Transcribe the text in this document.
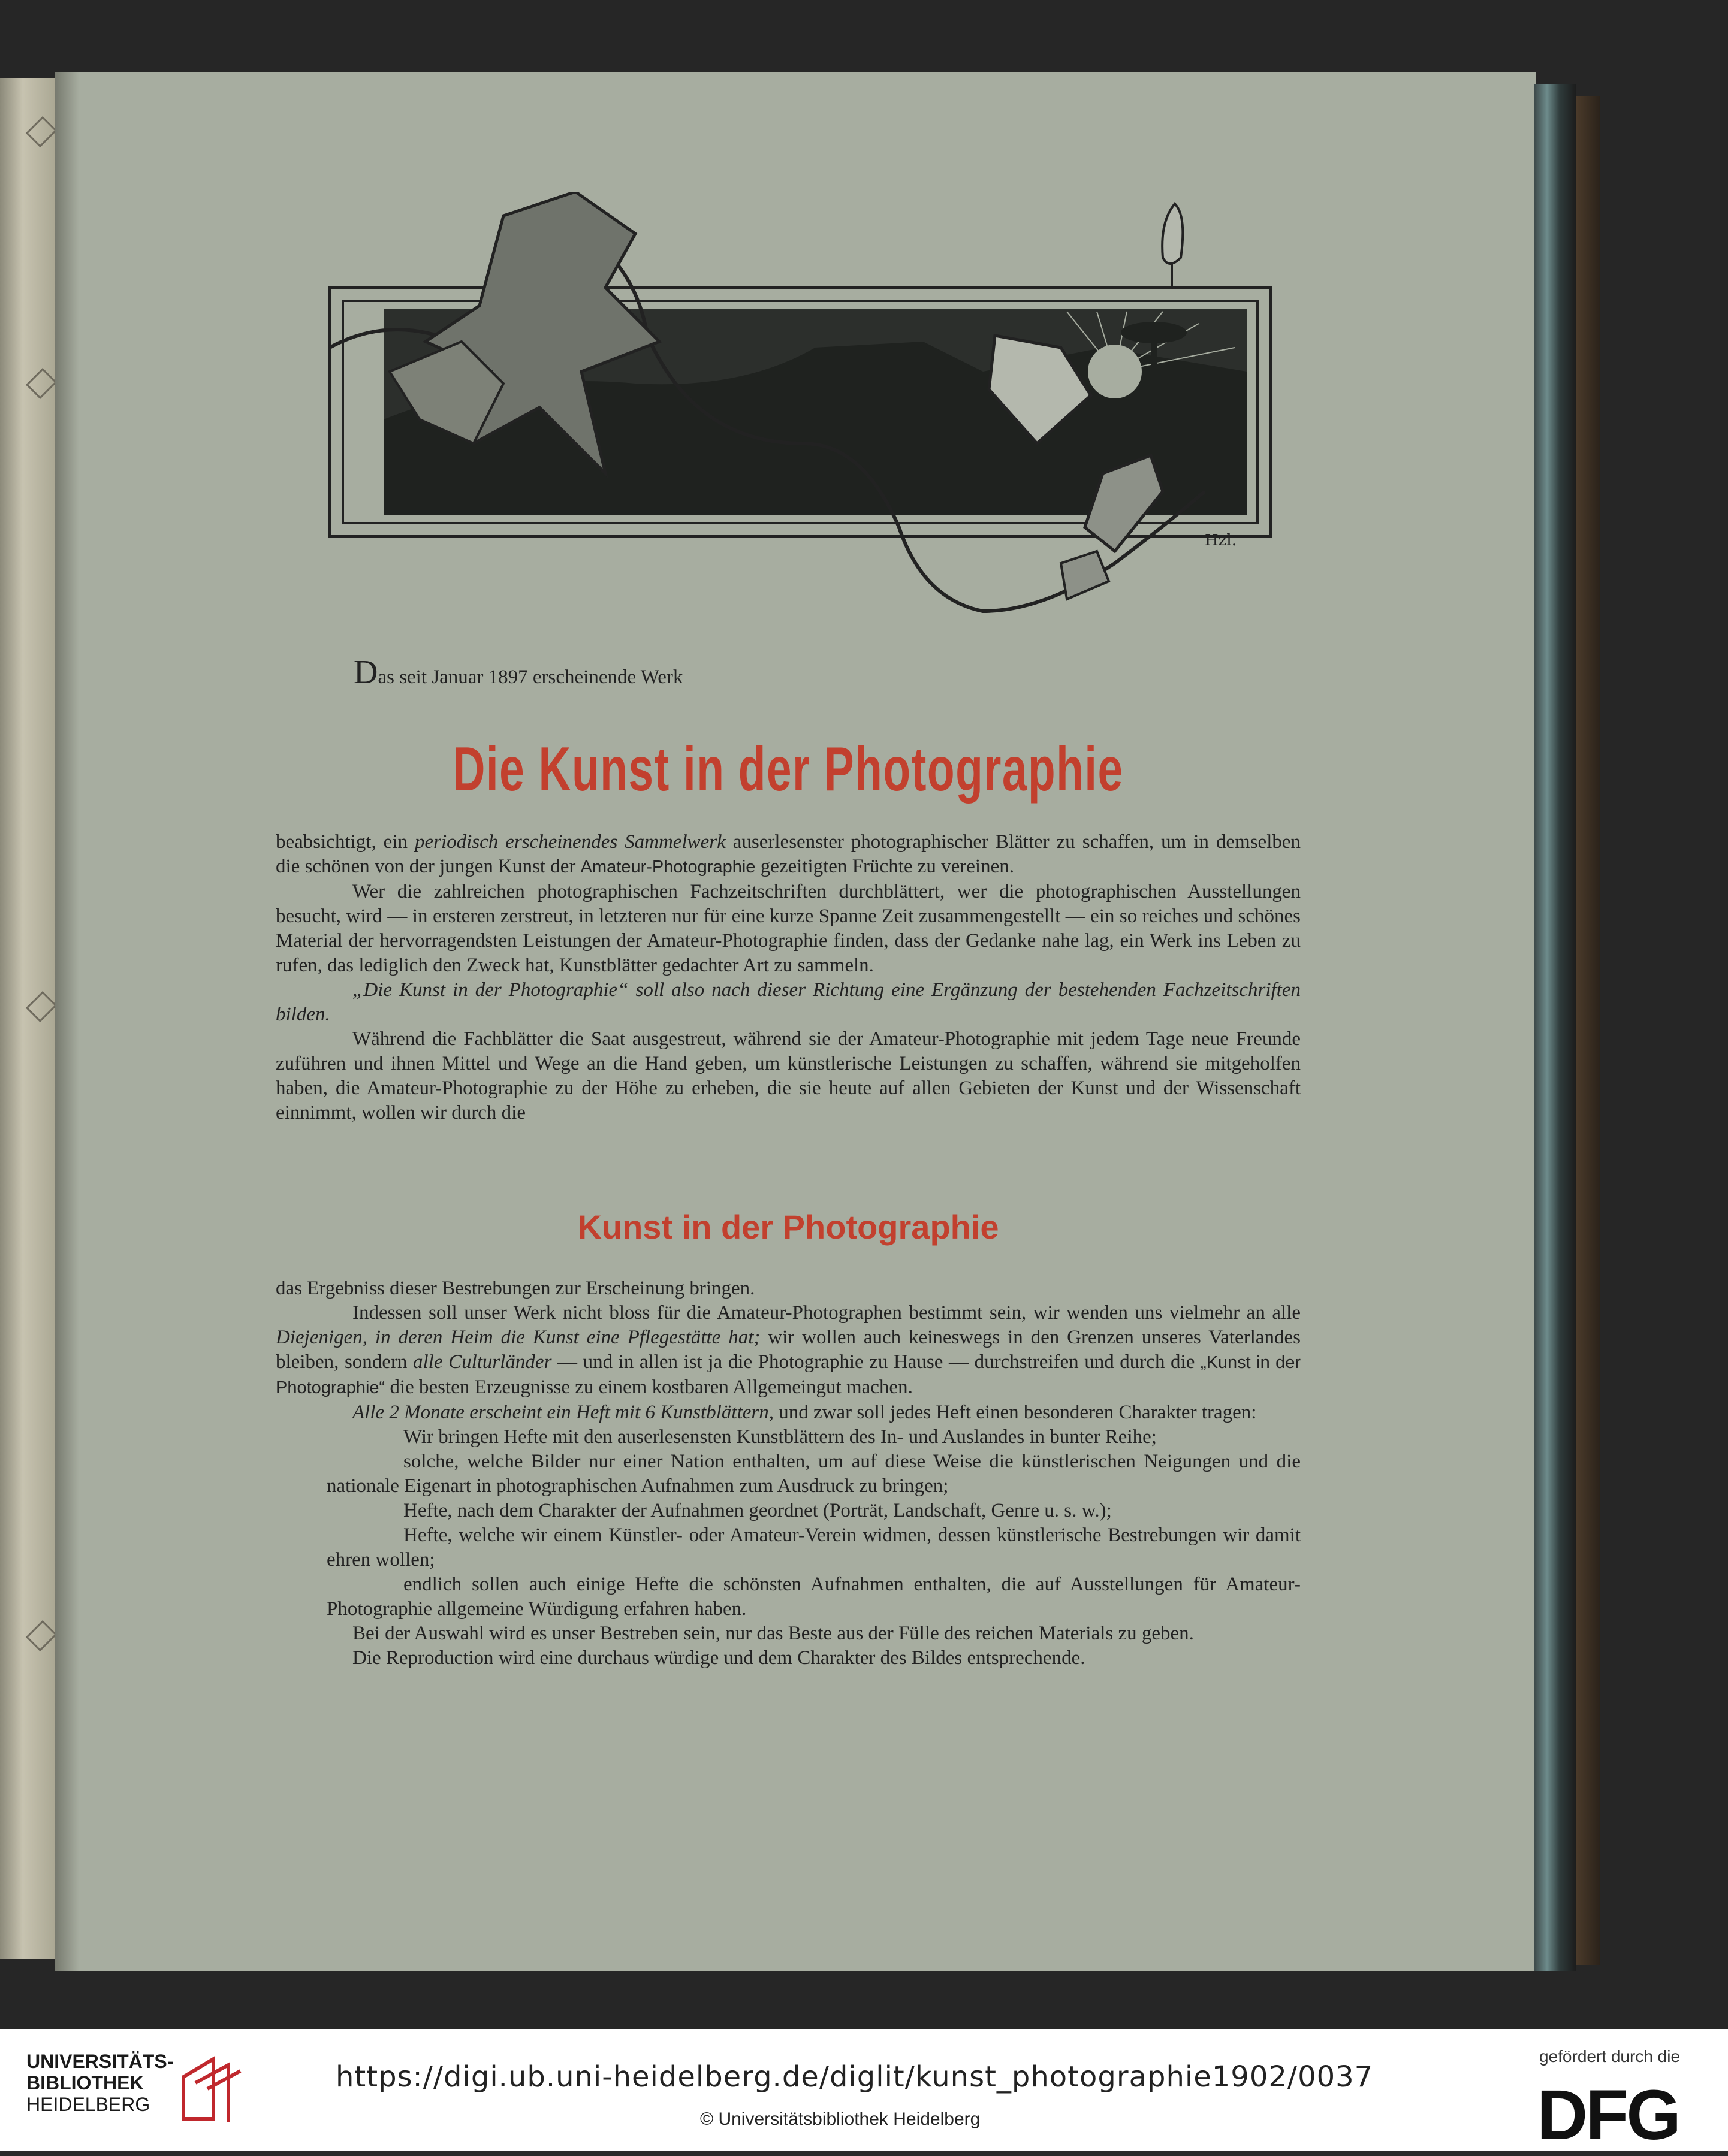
Hzl.
Das seit Januar 1897 erscheinende Werk
Die Kunst in der Photographie

beabsichtigt, ein periodisch erscheinendes Sammelwerk auserlesenster photographischer Blätter zu schaffen, um in demselben die schönen von der jungen Kunst der Amateur-Photographie gezeitigten Früchte zu vereinen.

Wer die zahlreichen photographischen Fachzeitschriften durchblättert, wer die photographischen Ausstellungen besucht, wird — in ersteren zerstreut, in letzteren nur für eine kurze Spanne Zeit zusammengestellt — ein so reiches und schönes Material der hervorragendsten Leistungen der Amateur-Photographie finden, dass der Gedanke nahe lag, ein Werk ins Leben zu rufen, das lediglich den Zweck hat, Kunstblätter gedachter Art zu sammeln.

„Die Kunst in der Photographie“ soll also nach dieser Richtung eine Ergänzung der bestehenden Fachzeitschriften bilden.

Während die Fachblätter die Saat ausgestreut, während sie der Amateur-Photographie mit jedem Tage neue Freunde zuführen und ihnen Mittel und Wege an die Hand geben, um künstlerische Leistungen zu schaffen, während sie mitgeholfen haben, die Amateur-Photographie zu der Höhe zu erheben, die sie heute auf allen Gebieten der Kunst und der Wissenschaft einnimmt, wollen wir durch die

Kunst in der Photographie

das Ergebniss dieser Bestrebungen zur Erscheinung bringen.

Indessen soll unser Werk nicht bloss für die Amateur-Photographen bestimmt sein, wir wenden uns vielmehr an alle Diejenigen, in deren Heim die Kunst eine Pflegestätte hat; wir wollen auch keineswegs in den Grenzen unseres Vaterlandes bleiben, sondern alle Culturländer — und in allen ist ja die Photographie zu Hause — durchstreifen und durch die „Kunst in der Photographie“ die besten Erzeugnisse zu einem kostbaren Allgemeingut machen.

Alle 2 Monate erscheint ein Heft mit 6 Kunstblättern, und zwar soll jedes Heft einen besonderen Charakter tragen:

Wir bringen Hefte mit den auserlesensten Kunstblättern des In- und Auslandes in bunter Reihe;

solche, welche Bilder nur einer Nation enthalten, um auf diese Weise die künstlerischen Neigungen und die nationale Eigenart in photographischen Aufnahmen zum Ausdruck zu bringen;

Hefte, nach dem Charakter der Aufnahmen geordnet (Porträt, Landschaft, Genre u. s. w.);

Hefte, welche wir einem Künstler- oder Amateur-Verein widmen, dessen künstlerische Bestrebungen wir damit ehren wollen;

endlich sollen auch einige Hefte die schönsten Aufnahmen enthalten, die auf Ausstellungen für Amateur-Photographie allgemeine Würdigung erfahren haben.

Bei der Auswahl wird es unser Bestreben sein, nur das Beste aus der Fülle des reichen Materials zu geben.

Die Reproduction wird eine durchaus würdige und dem Charakter des Bildes entsprechende.

UNIVERSITÄTS-
BIBLIOTHEK
HEIDELBERG
https://digi.ub.uni-heidelberg.de/diglit/kunst_photographie1902/0037
© Universitätsbibliothek Heidelberg
gefördert durch die
DFG
